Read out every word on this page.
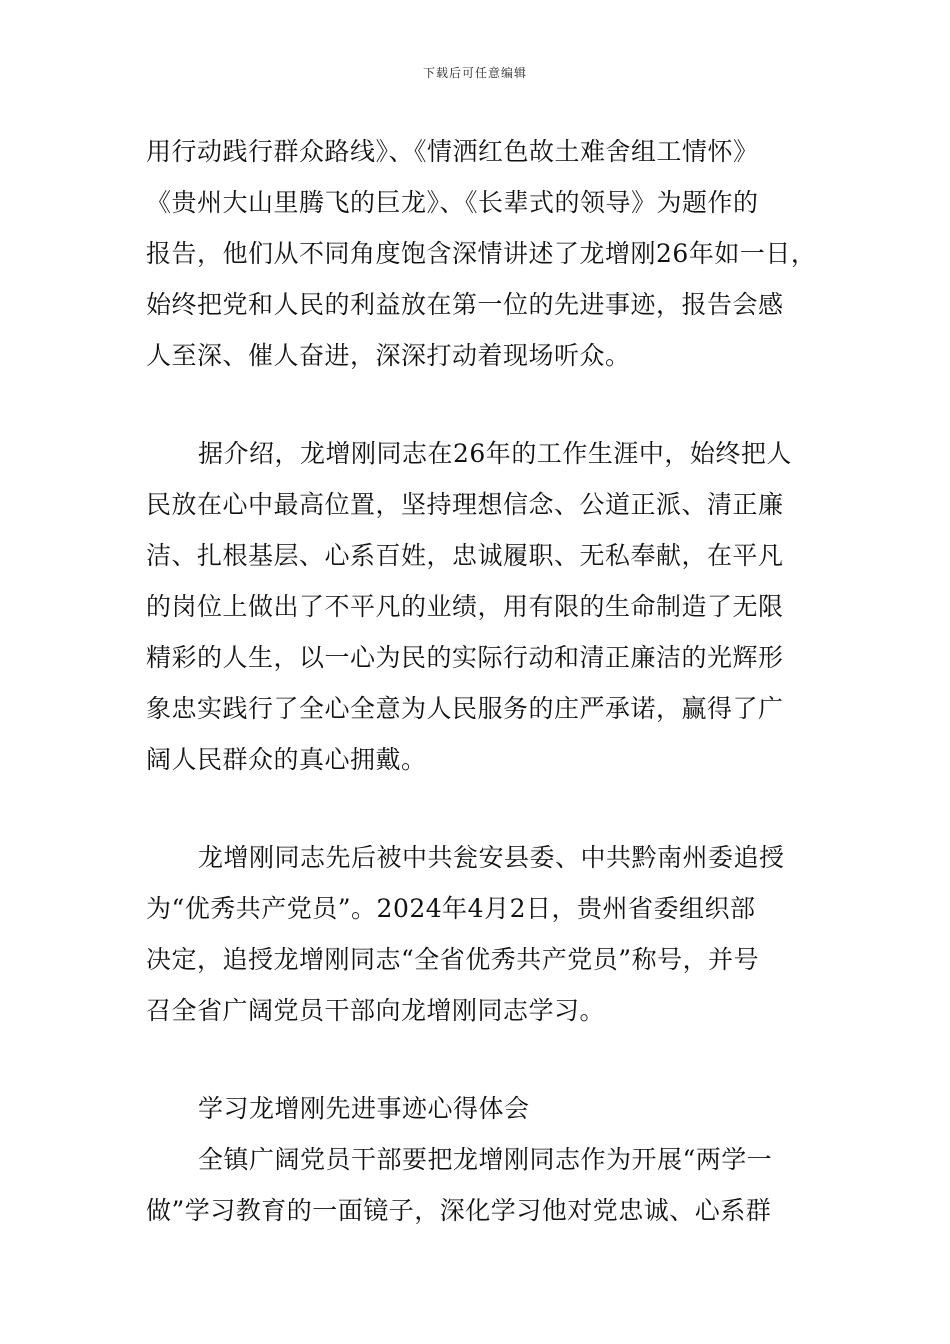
下载后可任意编辑
用行动践行群众路线》、《情洒红色故土难舍组工情怀》
《贵州大山里腾飞的巨龙》、《长辈式的领导》为题作的
报告，他们从不同角度饱含深情讲述了龙增刚26年如一日，
始终把党和人民的利益放在第一位的先进事迹，报告会感
人至深、催人奋进，深深打动着现场听众。
据介绍，龙增刚同志在26年的工作生涯中，始终把人
民放在心中最高位置，坚持理想信念、公道正派、清正廉
洁、扎根基层、心系百姓，忠诚履职、无私奉献，在平凡
的岗位上做出了不平凡的业绩，用有限的生命制造了无限
精彩的人生，以一心为民的实际行动和清正廉洁的光辉形
象忠实践行了全心全意为人民服务的庄严承诺，赢得了广
阔人民群众的真心拥戴。
龙增刚同志先后被中共瓮安县委、中共黔南州委追授
为“优秀共产党员”。2024年4月2日，贵州省委组织部
决定，追授龙增刚同志“全省优秀共产党员”称号，并号
召全省广阔党员干部向龙增刚同志学习。
学习龙增刚先进事迹心得体会
全镇广阔党员干部要把龙增刚同志作为开展“两学一
做”学习教育的一面镜子，深化学习他对党忠诚、心系群
